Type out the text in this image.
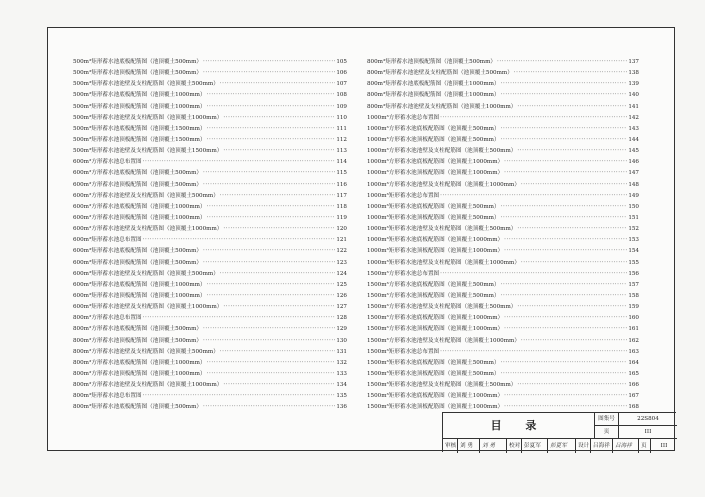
500m³矩形蓄水池底板配筋图（池顶覆土500mm） ·····	105
500m³矩形蓄水池顶板配筋图（池顶覆土500mm） ·····	106
500m³矩形蓄水池池壁及支柱配筋图（池顶覆土500mm） ·····	107
500m³矩形蓄水池底板配筋图（池顶覆土1000mm） ·····	108
500m³矩形蓄水池顶板配筋图（池顶覆土1000mm） ·····	109
500m³矩形蓄水池池壁及支柱配筋图（池顶覆土1000mm） ·····	110
500m³矩形蓄水池底板配筋图（池顶覆土1500mm） ·····	111
500m³矩形蓄水池顶板配筋图（池顶覆土1500mm） ·····	112
500m³矩形蓄水池池壁及支柱配筋图（池顶覆土1500mm） ·····	113
600m³方形蓄水池总布置图 ·····	114
600m³方形蓄水池底板配筋图（池顶覆土500mm） ·····	115
600m³方形蓄水池顶板配筋图（池顶覆土500mm） ·····	116
600m³方形蓄水池池壁及支柱配筋图（池顶覆土500mm） ·····	117
600m³方形蓄水池底板配筋图（池顶覆土1000mm） ·····	118
600m³方形蓄水池顶板配筋图（池顶覆土1000mm） ·····	119
600m³方形蓄水池池壁及支柱配筋图（池顶覆土1000mm） ·····	120
600m³矩形蓄水池总布置图 ·····	121
600m³矩形蓄水池底板配筋图（池顶覆土500mm） ·····	122
600m³矩形蓄水池顶板配筋图（池顶覆土500mm） ·····	123
600m³矩形蓄水池池壁及支柱配筋图（池顶覆土500mm） ·····	124
600m³矩形蓄水池底板配筋图（池顶覆土1000mm） ·····	125
600m³矩形蓄水池顶板配筋图（池顶覆土1000mm） ·····	126
600m³矩形蓄水池池壁及支柱配筋图（池顶覆土1000mm） ·····	127
800m³方形蓄水池总布置图 ·····	128
800m³方形蓄水池底板配筋图（池顶覆土500mm） ·····	129
800m³方形蓄水池顶板配筋图（池顶覆土500mm） ·····	130
800m³方形蓄水池池壁及支柱配筋图（池顶覆土500mm） ·····	131
800m³方形蓄水池底板配筋图（池顶覆土1000mm） ·····	132
800m³方形蓄水池顶板配筋图（池顶覆土1000mm） ·····	133
800m³方形蓄水池池壁及支柱配筋图（池顶覆土1000mm） ·····	134
800m³矩形蓄水池总布置图 ·····	135
800m³矩形蓄水池底板配筋图（池顶覆土500mm） ·····	136
800m³矩形蓄水池顶板配筋图（池顶覆土500mm） ·····	137
800m³矩形蓄水池池壁及支柱配筋图（池顶覆土500mm） ·····	138
800m³矩形蓄水池底板配筋图（池顶覆土1000mm） ·····	139
800m³矩形蓄水池顶板配筋图（池顶覆土1000mm） ·····	140
800m³矩形蓄水池池壁及支柱配筋图（池顶覆土1000mm） ·····	141
1000m³方形蓄水池总布置图 ·····	142
1000m³方形蓄水池底板配筋图（池顶覆土500mm） ·····	143
1000m³方形蓄水池顶板配筋图（池顶覆土500mm） ·····	144
1000m³方形蓄水池池壁及支柱配筋图（池顶覆土500mm） ·····	145
1000m³方形蓄水池底板配筋图（池顶覆土1000mm） ·····	146
1000m³方形蓄水池顶板配筋图（池顶覆土1000mm） ·····	147
1000m³方形蓄水池池壁及支柱配筋图（池顶覆土1000mm） ·····	148
1000m³矩形蓄水池总布置图 ·····	149
1000m³矩形蓄水池底板配筋图（池顶覆土500mm） ·····	150
1000m³矩形蓄水池顶板配筋图（池顶覆土500mm） ·····	151
1000m³矩形蓄水池池壁及支柱配筋图（池顶覆土500mm） ·····	152
1000m³矩形蓄水池底板配筋图（池顶覆土1000mm） ·····	153
1000m³矩形蓄水池顶板配筋图（池顶覆土1000mm） ·····	154
1000m³矩形蓄水池池壁及支柱配筋图（池顶覆土1000mm） ·····	155
1500m³方形蓄水池总布置图 ·····	156
1500m³方形蓄水池底板配筋图（池顶覆土500mm） ·····	157
1500m³方形蓄水池顶板配筋图（池顶覆土500mm） ·····	158
1500m³方形蓄水池池壁及支柱配筋图（池顶覆土500mm） ·····	159
1500m³方形蓄水池底板配筋图（池顶覆土1000mm） ·····	160
1500m³方形蓄水池顶板配筋图（池顶覆土1000mm） ·····	161
1500m³方形蓄水池池壁及支柱配筋图（池顶覆土1000mm） ·····	162
1500m³矩形蓄水池总布置图 ·····	163
1500m³矩形蓄水池底板配筋图（池顶覆土500mm） ·····	164
1500m³矩形蓄水池顶板配筋图（池顶覆土500mm） ·····	165
1500m³矩形蓄水池池壁及支柱配筋图（池顶覆土500mm） ·····	166
1500m³矩形蓄水池底板配筋图（池顶覆土1000mm） ·····	167
1500m³矩形蓄水池顶板配筋图（池顶覆土1000mm） ·····	168
目 录	图集号	22S804
页	III
审核 刘 勇	刘 勇	校对 彭夏军	彭夏军	设计 吕海祥 吕海祥	页	III
